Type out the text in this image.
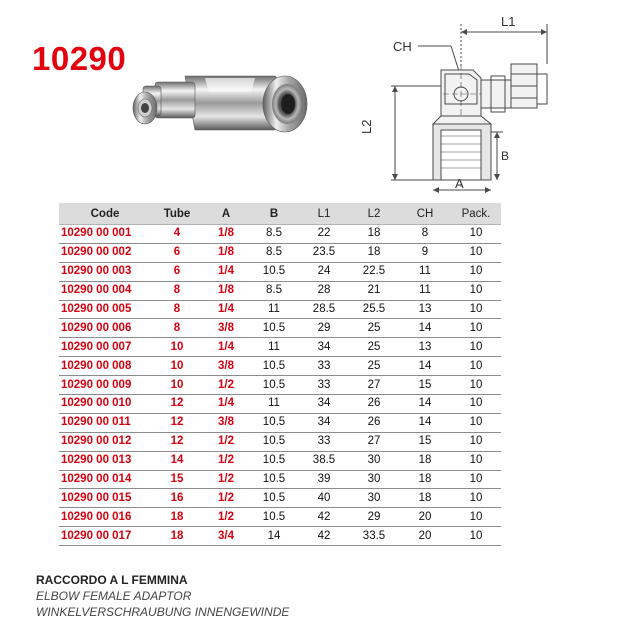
10290
L1
CH
L2
B
A
Code	Tube	A	B	L1	L2	CH	Pack.
10290 00 001	4	1/8	8.5	22	18	8	10
10290 00 002	6	1/8	8.5	23.5	18	9	10
10290 00 003	6	1/4	10.5	24	22.5	11	10
10290 00 004	8	1/8	8.5	28	21	11	10
10290 00 005	8	1/4	11	28.5	25.5	13	10
10290 00 006	8	3/8	10.5	29	25	14	10
10290 00 007	10	1/4	11	34	25	13	10
10290 00 008	10	3/8	10.5	33	25	14	10
10290 00 009	10	1/2	10.5	33	27	15	10
10290 00 010	12	1/4	11	34	26	14	10
10290 00 011	12	3/8	10.5	34	26	14	10
10290 00 012	12	1/2	10.5	33	27	15	10
10290 00 013	14	1/2	10.5	38.5	30	18	10
10290 00 014	15	1/2	10.5	39	30	18	10
10290 00 015	16	1/2	10.5	40	30	18	10
10290 00 016	18	1/2	10.5	42	29	20	10
10290 00 017	18	3/4	14	42	33.5	20	10
RACCORDO A L FEMMINA
ELBOW FEMALE ADAPTOR
WINKELVERSCHRAUBUNG INNENGEWINDE
